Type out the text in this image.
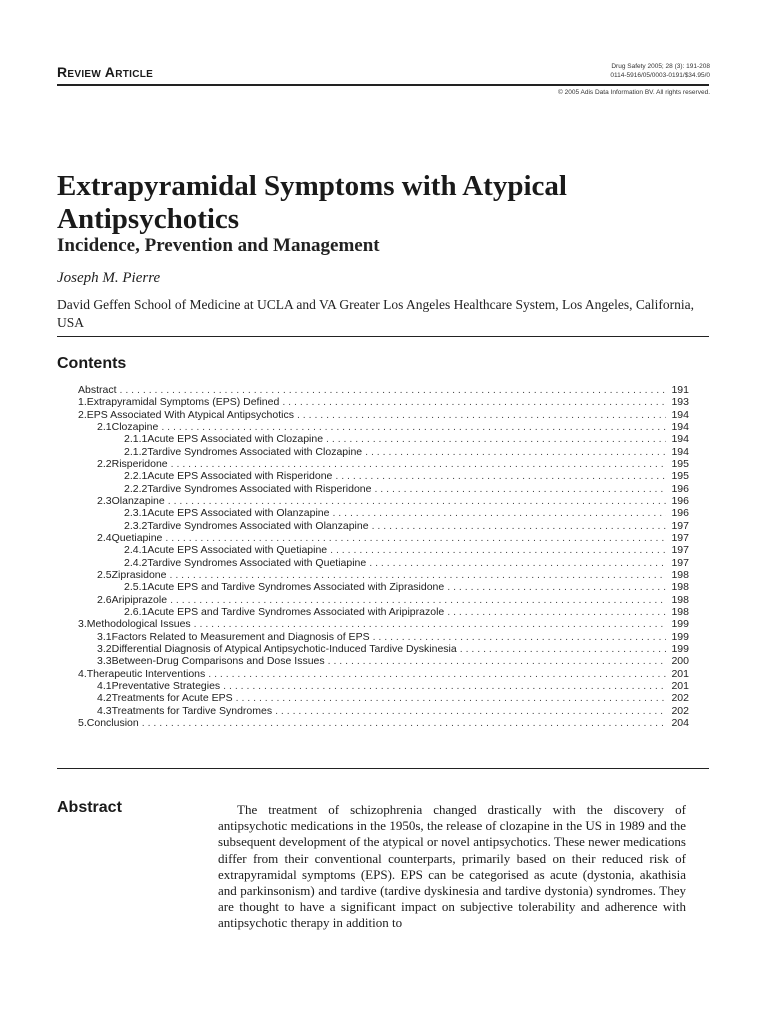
Review Article	Drug Safety 2005; 28 (3): 191-208
0114-5916/05/0003-0191/$34.95/0
© 2005 Adis Data Information BV. All rights reserved.
Extrapyramidal Symptoms with Atypical Antipsychotics
Incidence, Prevention and Management
Joseph M. Pierre
David Geffen School of Medicine at UCLA and VA Greater Los Angeles Healthcare System, Los Angeles, California, USA
Contents
Abstract . . .	191
1. Extrapyramidal Symptoms (EPS) Defined . . .	193
2. EPS Associated With Atypical Antipsychotics . . .	194
2.1 Clozapine . . .	194
2.1.1 Acute EPS Associated with Clozapine . . .	194
2.1.2 Tardive Syndromes Associated with Clozapine . . .	194
2.2 Risperidone . . .	195
2.2.1 Acute EPS Associated with Risperidone . . .	195
2.2.2 Tardive Syndromes Associated with Risperidone . . .	196
2.3 Olanzapine . . .	196
2.3.1 Acute EPS Associated with Olanzapine . . .	196
2.3.2 Tardive Syndromes Associated with Olanzapine . . .	197
2.4 Quetiapine . . .	197
2.4.1 Acute EPS Associated with Quetiapine . . .	197
2.4.2 Tardive Syndromes Associated with Quetiapine . . .	197
2.5 Ziprasidone . . .	198
2.5.1 Acute EPS and Tardive Syndromes Associated with Ziprasidone . . .	198
2.6 Aripiprazole . . .	198
2.6.1 Acute EPS and Tardive Syndromes Associated with Aripiprazole . . .	198
3. Methodological Issues . . .	199
3.1 Factors Related to Measurement and Diagnosis of EPS . . .	199
3.2 Differential Diagnosis of Atypical Antipsychotic-Induced Tardive Dyskinesia . . .	199
3.3 Between-Drug Comparisons and Dose Issues . . .	200
4. Therapeutic Interventions . . .	201
4.1 Preventative Strategies . . .	201
4.2 Treatments for Acute EPS . . .	202
4.3 Treatments for Tardive Syndromes . . .	202
5. Conclusion . . .	204
Abstract	The treatment of schizophrenia changed drastically with the discovery of antipsychotic medications in the 1950s, the release of clozapine in the US in 1989 and the subsequent development of the atypical or novel antipsychotics. These newer medications differ from their conventional counterparts, primarily based on their reduced risk of extrapyramidal symptoms (EPS). EPS can be categorised as acute (dystonia, akathisia and parkinsonism) and tardive (tardive dyskinesia and tardive dystonia) syndromes. They are thought to have a significant impact on subjective tolerability and adherence with antipsychotic therapy in addition to
